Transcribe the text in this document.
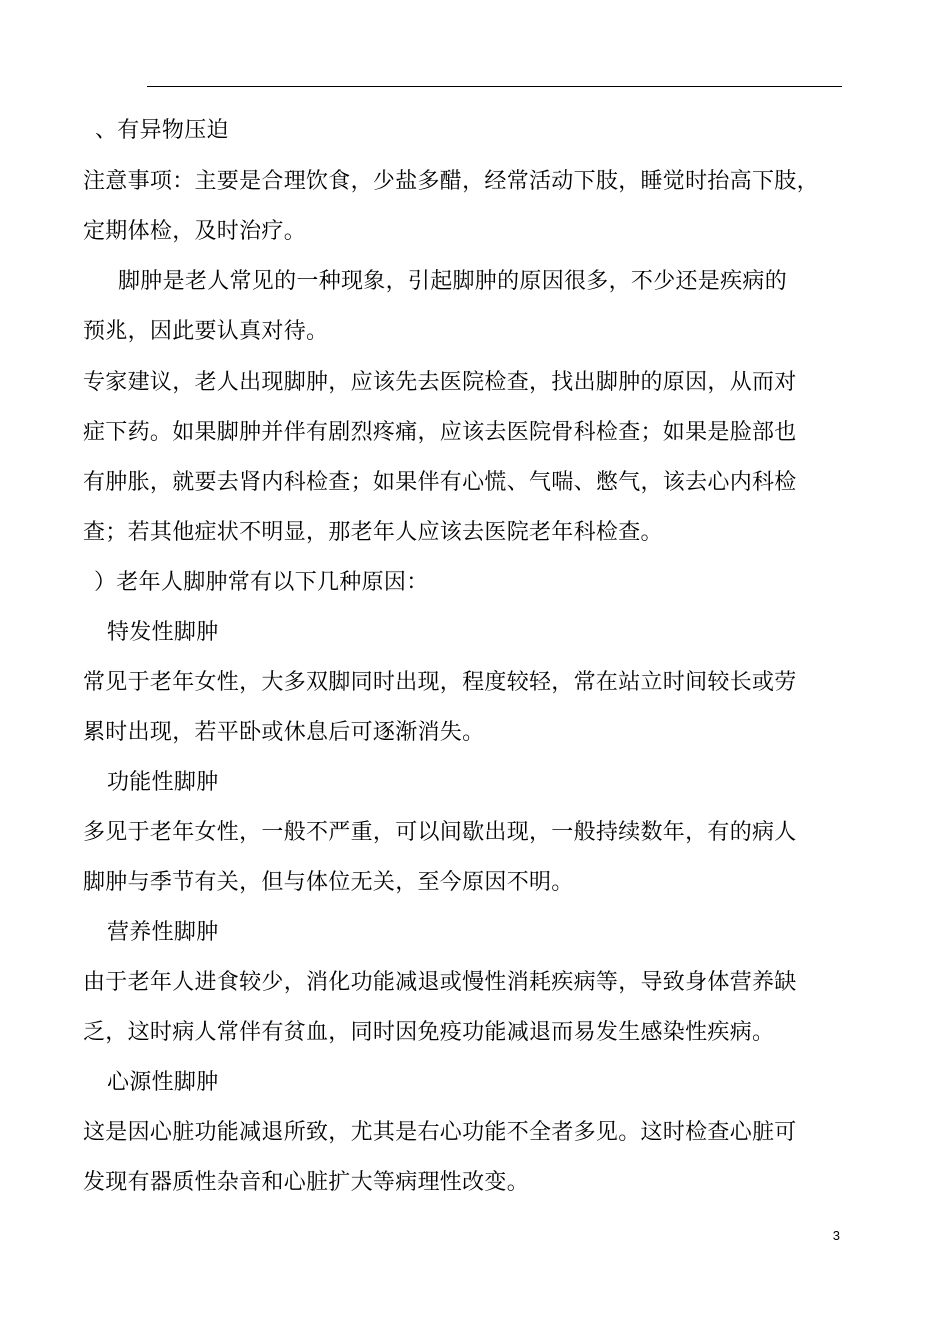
、有异物压迫
注意事项：主要是合理饮食，少盐多醋，经常活动下肢，睡觉时抬高下肢，
定期体检，及时治疗。
脚肿是老人常见的一种现象，引起脚肿的原因很多，不少还是疾病的
预兆，因此要认真对待。
专家建议，老人出现脚肿，应该先去医院检查，找出脚肿的原因，从而对
症下药。如果脚肿并伴有剧烈疼痛，应该去医院骨科检查；如果是脸部也
有肿胀，就要去肾内科检查；如果伴有心慌、气喘、憋气，该去心内科检
查；若其他症状不明显，那老年人应该去医院老年科检查。
）老年人脚肿常有以下几种原因：
特发性脚肿
常见于老年女性，大多双脚同时出现，程度较轻，常在站立时间较长或劳
累时出现，若平卧或休息后可逐渐消失。
功能性脚肿
多见于老年女性，一般不严重，可以间歇出现，一般持续数年，有的病人
脚肿与季节有关，但与体位无关，至今原因不明。
营养性脚肿
由于老年人进食较少，消化功能减退或慢性消耗疾病等，导致身体营养缺
乏，这时病人常伴有贫血，同时因免疫功能减退而易发生感染性疾病。
心源性脚肿
这是因心脏功能减退所致，尤其是右心功能不全者多见。这时检查心脏可
发现有器质性杂音和心脏扩大等病理性改变。
3
